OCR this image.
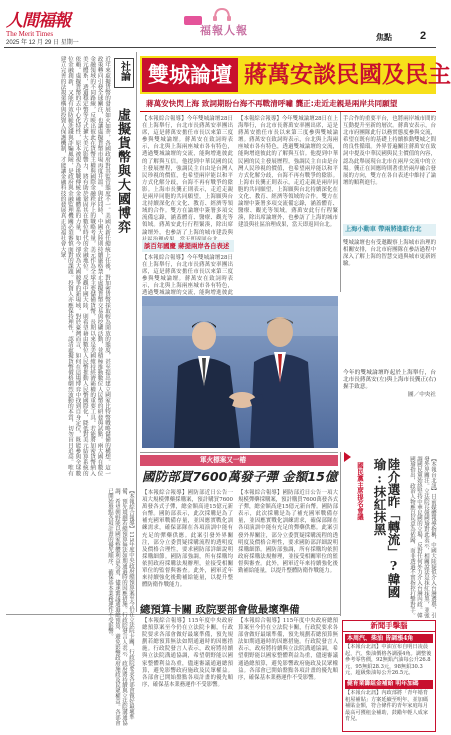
人間福報
The Merit Times
2025 年 12 月 29 日 星期一
福報人報
焦點	2
社論
虛擬貨幣與大國博弈
近年來虛擬貨幣的發展如火如荼，各國政府對其監管態度不一。美國在新任總統上任後，對加密貨幣採取較為開放的態度，甚至提出建立國家比特幣戰略儲備的構想。這一政策轉向引發全球關注，也讓虛擬貨幣市場再度升溫。與此同時，中國大陸則持續嚴格禁止虛擬貨幣交易與挖礦活動，並積極推動數位人民幣的研發與試點。兩大國在數位金融領域的不同路線，反映出彼此在貨幣主權與國際金融秩序上的戰略考量。美元作為全球主要儲備貨幣，長期以來是美國維持經濟霸權的重要工具。若能將加密貨幣納入美元體系，透過穩定幣等方式擴大美元影響力，將有助於鞏固其在數位時代的金融地位。反觀中國大陸，則希望藉由數位人民幣推動人民幣國際化，降低對美元結算系統的依賴。虛擬貨幣的去中心化特性，原本被視為挑戰傳統金融體系的力量，如今卻成為大國競爭的新場域。對於臺灣而言，如何在這場博弈中找到自身定位，既能參與全球數位金融創新，又能有效防範洗錢與詐騙風險，是政府與金融監理機關必須審慎面對的課題。投資人亦應保持理性，認清虛擬貨幣價格劇烈波動的本質，切勿盲目追高。唯有建立完善的法規架構與投資人保護機制，才能讓金融科技的發展真正造福社會大眾。	雙城論壇 蔣萬安談民國及民主
蔣萬安快閃上海 致詞期盼台海不再戰清呼嘯 龔正:走近走親是兩岸共同願望
【本報綜合報導】今年雙城論壇28日在上海舉行，台北市長蔣萬安率團出席，這是蔣萬安擔任市長以來第三度參與雙城論壇。蔣萬安在致詞時表示，台北與上海兩座城市各有特色，透過雙城論壇的交流，能夠增進彼此的了解與互信。他提到中華民國的民主發展歷程，強調民主自由是台灣人民珍視的價值，也希望兩岸能以和平方式化解分歧，台海不再有戰爭的陰影。上海市長龔正則表示，走近走親是兩岸同胞的共同願望，上海願與台北持續深化在文化、教育、經濟等領域的合作。雙方在論壇中簽署多項交流備忘錄，涵蓋體育、醫療、觀光等領域。蔣萬安此行行程緊湊，除出席論壇外，也參訪了上海的城市建設與
【本報綜合報導】今年雙城論壇28日在上海舉行，台北市長蔣萬安率團出席，這是蔣萬安擔任市長以來第三度參與雙城論壇。蔣萬安在致詞時表示，台北與上海兩座城市各有特色，透過雙城論壇的交流，能夠增進彼此的了解與互信。他提到中華民國的民主發展歷程，強調民主自由是台灣人民珍視的價值，也希望兩岸能以和平方式化解分歧，台海不再有戰爭的陰影。上海市長龔正則表示，走近走親是兩岸同胞的共同願望，上海願與台北持續深化在文化、教育、經濟等領域的合作。雙方在論壇中簽署多項交流備忘錄，涵蓋體育、醫療、觀光等領域。蔣萬安此行行程緊湊，除出席論壇外，也參訪了上海的城市建設與社區治理成果，當天即返回台北。
談百年國慶 蔣提兩岸各自表述
【本報綜合報導】今年雙城論壇28日在上海舉行，台北市長蔣萬安率團出席，這是蔣萬安擔任市長以來第三度參與雙城論壇。蔣萬安在致詞時表示，台北與上海兩座城市各有特色，透過雙城論壇的交流，能夠增進彼此
手合作的重要平台，也將兩岸城市間的互動提升至新的層次。蔣萬安表示，台北市府團隊此行以務實態度參與交流，希望在既有的基礎上持續推動雙城之間的良性循環。外界普遍關注蔣萬安在致詞中提及中華民國與民主價值的內容，認為此舉展現台北市在兩岸交流中的立場。龔正在回應時則著重於兩岸融合發展的方向，雙方在各自表述中維持了論壇的順利進行。
上海小動車 帶兩將進駐台北
雙城論壇也有受邀觀察上海城市治理的相關安排，台北市府團隊在參訪過程中深入了解上海的智慧交通與城市更新經驗。
今年的雙城論壇昨起於上海舉行，台北市長蔣萬安(左)與上海市長龔正(右)握手致意。
圖／中央社
軍火標案又一樁
國防部買7600萬發子彈 金額15億
【本報綜合報導】國防部近日公告一項大規模彈藥採購案，預計購買7600萬發各式子彈，總金額高達15億元新台幣。國防部表示，此次採購是為了補充國軍戰備存量，並因應實戰化訓練需求，確保部隊在各項演訓中能有充足的彈藥供應。此案引發外界關注，部分立委質疑採購流程的透明度及價格合理性，要求國防部詳細說明採購細節。國防部強調，所有採購均依照政府採購法規辦理，並接受相關單位的監督與審查。此外，國軍近年來持續強化後勤補給能量，以提升整體防衛作戰能力。
【本報綜合報導】國防部近日公告一項大規模彈藥採購案，預計購買7600萬發各式子彈，總金額高達15億元新台幣。國防部表示，此次採購是為了補充國軍戰備存量，並因應實戰化訓練需求，確保部隊在各項演訓中能有充足的彈藥供應。此案引發外界關注，部分立委質疑採購流程的透明度及價格合理性，要求國防部詳細說明採購細節。國防部強調，所有採購均依照政府採購法規辦理，並接受相關單位的監督與審查。此外，國軍近年來持續強化後勤補給能量，以提升整體防衛作戰能力。	陸介選昨「轉流」?韓國瑜:抹紅抹黑
國民黨主席提名會議	【本報台北訊】日前媒體報導指稱，中國大陸疑似介入台灣選舉，引發外界關注。立法院長韓國瑜對此表示，相關說法是抹紅抹黑，並強調國民黨始終堅持中華民國的立場，反對任何外力介入台灣內政。韓國瑜指出，政治人物應以民意為依歸，而非透過不實指控打擊對手。
總預算卡關 政院要部會做最壞準備
【本報綜合報導】115年度中央政府總預算案至今仍在立法院卡關，行政院要求各部會做好最壞準備，預先規劃若總預算無法如期通過時的因應措施。行政院發言人表示，政府將持續與立法院溝通協調，希望朝野能以國家整體利益為重，儘速審議通過總預算，避免影響政府施政及民眾權益。各部會已開始盤點各項計畫的優先順序，確保基本業務運作不受影響。
【本報綜合報導】115年度中央政府總預算案至今仍在立法院卡關，行政院要求各部會做好最壞準備，預先規劃若總預算無法如期通過時的因應措施。行政院發言人表示，政府將持續與立法院溝通協調，希望朝野能以國家整體利益為重，儘速審議通過總預算，避免影響政府施政及民眾權益。各部會已開始盤點各項計畫的優先順序，確保基本業務運作不受影響。
【本報綜合報導】115年度中央政府總預算案至今仍在立法院卡關，行政院要求各部會做好最壞準備，預先規劃若總預算無法如期通過時的因應措施。行政院發言人表示，政府將持續與立法院溝通協調，希望朝野能以國家整體利益為重，儘速審議通過總預算，避免影響政府施政及民眾權益。各部會已開始盤點各項計畫的優先順序，確保基本業務運作不受影響。	新聞手擊腦
本周汽、柴油 皆調漲4角
【本報台北訊】中油宣布自明日凌晨起，汽、柴油價格各調漲4角。調整後參考零售價，92無鉛汽油每公升26.8元，95無鉛28.3元，98無鉛30.3元，超級柴油每公升26.5元。
健育業籌組金補給 明年加碼
【本報台北訊】內政部將「青年婚育租屋補貼」方案延續至明年，並加碼補貼金額，符合條件的青年家庭每月最高可獲租金補助，鼓勵年輕人成家育兒。
